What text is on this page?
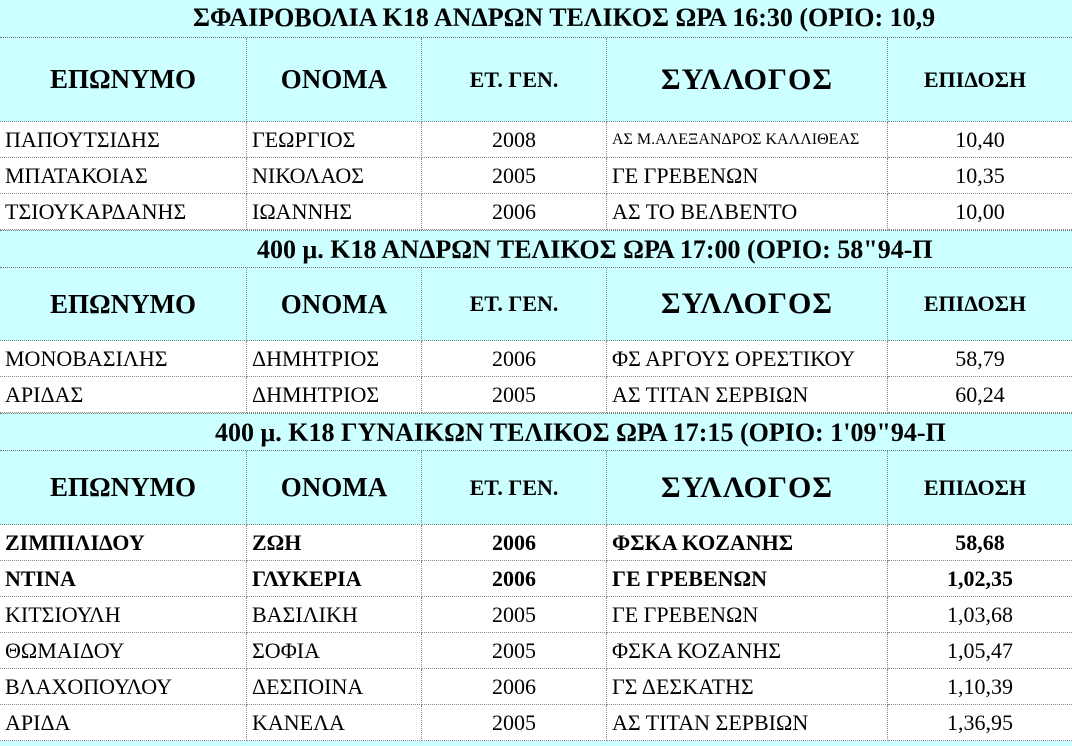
ΣΦΑΙΡΟΒΟΛΙΑ Κ18 ΑΝΔΡΩΝ ΤΕΛΙΚΟΣ ΩΡΑ 16:30 (ΟΡΙΟ: 10,9
ΕΠΩΝΥΜΟ	ΟΝΟΜΑ	ΕΤ. ΓΕΝ.	ΣΥΛΛΟΓΟΣ	ΕΠΙΔΟΣΗ
ΠΑΠΟΥΤΣΙΔΗΣ	ΓΕΩΡΓΙΟΣ	2008	ΑΣ Μ.ΑΛΕΞΑΝΔΡΟΣ ΚΑΛΛΙΘΕΑΣ	10,40
ΜΠΑΤΑΚΟΙΑΣ	ΝΙΚΟΛΑΟΣ	2005	ΓΕ ΓΡΕΒΕΝΩΝ	10,35
ΤΣΙΟΥΚΑΡΔΑΝΗΣ	ΙΩΑΝΝΗΣ	2006	ΑΣ ΤΟ ΒΕΛΒΕΝΤΟ	10,00
400 μ. Κ18 ΑΝΔΡΩΝ ΤΕΛΙΚΟΣ ΩΡΑ 17:00 (ΟΡΙΟ: 58"94-Π
ΕΠΩΝΥΜΟ	ΟΝΟΜΑ	ΕΤ. ΓΕΝ.	ΣΥΛΛΟΓΟΣ	ΕΠΙΔΟΣΗ
ΜΟΝΟΒΑΣΙΛΗΣ	ΔΗΜΗΤΡΙΟΣ	2006	ΦΣ ΑΡΓΟΥΣ ΟΡΕΣΤΙΚΟΥ	58,79
ΑΡΙΔΑΣ	ΔΗΜΗΤΡΙΟΣ	2005	ΑΣ ΤΙΤΑΝ ΣΕΡΒΙΩΝ	60,24
400 μ. Κ18 ΓΥΝΑΙΚΩΝ ΤΕΛΙΚΟΣ ΩΡΑ 17:15 (ΟΡΙΟ: 1'09"94-Π
ΕΠΩΝΥΜΟ	ΟΝΟΜΑ	ΕΤ. ΓΕΝ.	ΣΥΛΛΟΓΟΣ	ΕΠΙΔΟΣΗ
ΖΙΜΠΙΛΙΔΟΥ	ΖΩΗ	2006	ΦΣΚΑ ΚΟΖΑΝΗΣ	58,68
ΝΤΙΝΑ	ΓΛΥΚΕΡΙΑ	2006	ΓΕ ΓΡΕΒΕΝΩΝ	1,02,35
ΚΙΤΣΙΟΥΛΗ	ΒΑΣΙΛΙΚΗ	2005	ΓΕ ΓΡΕΒΕΝΩΝ	1,03,68
ΘΩΜΑΙΔΟΥ	ΣΟΦΙΑ	2005	ΦΣΚΑ ΚΟΖΑΝΗΣ	1,05,47
ΒΛΑΧΟΠΟΥΛΟΥ	ΔΕΣΠΟΙΝΑ	2006	ΓΣ ΔΕΣΚΑΤΗΣ	1,10,39
ΑΡΙΔΑ	ΚΑΝΕΛΑ	2005	ΑΣ ΤΙΤΑΝ ΣΕΡΒΙΩΝ	1,36,95
